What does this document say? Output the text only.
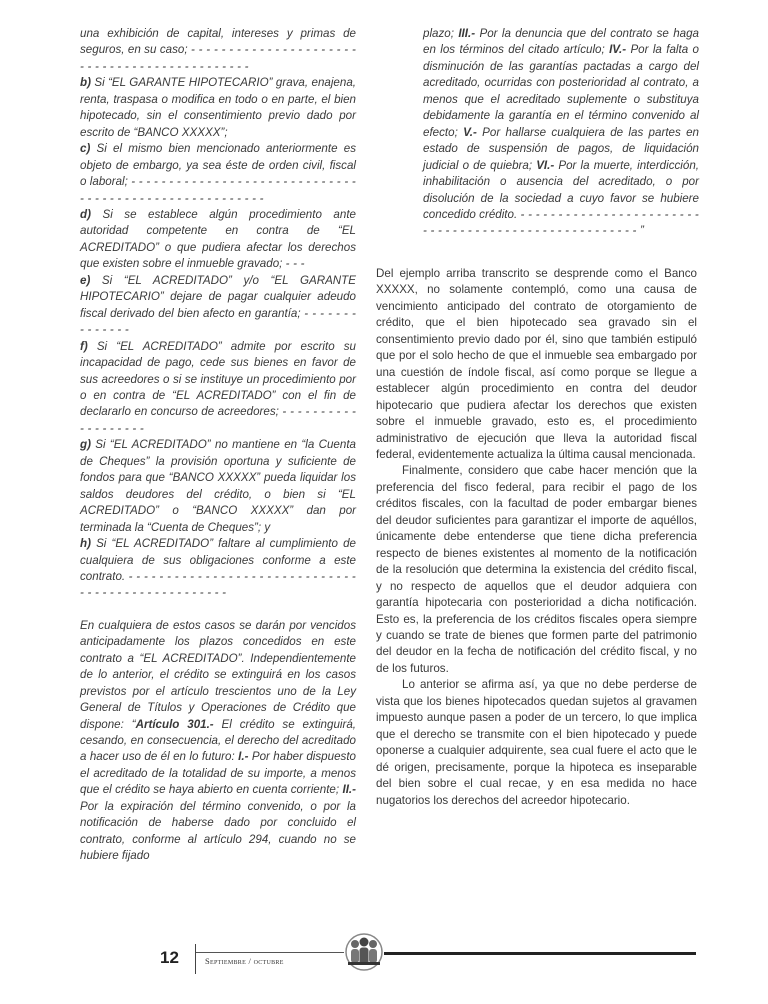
una exhibición de capital, intereses y primas de seguros, en su caso; - - - - - - - - - - - - - - - - - - - - - - - - - - - - - - - - - - - - - - - - - - - - -

b) Si “EL GARANTE HIPOTECARIO” grava, enajena, renta, traspasa o modifica en todo o en parte, el bien hipotecado, sin el consentimiento previo dado por escrito de “BANCO XXXXX”;

c) Si el mismo bien mencionado anteriormente es objeto de embargo, ya sea éste de orden civil, fiscal o laboral; - - - - - - - - - - - - - - - - - - - - - - - - - - - - - - - - - - - - - - - - - - - - - - - - - - - - - - -

d) Si se establece algún procedimiento ante autoridad competente en contra de “EL ACREDITADO” o que pudiera afectar los derechos que existen sobre el inmueble gravado; - - -

e) Si “EL ACREDITADO” y/o “EL GARANTE HIPOTECARIO” dejare de pagar cualquier adeudo fiscal derivado del bien afecto en garantía; - - - - - - - - - - - - - -

f) Si “EL ACREDITADO” admite por escrito su incapacidad de pago, cede sus bienes en favor de sus acreedores o si se instituye un procedimiento por o en contra de “EL ACREDITADO” con el fin de declararlo en concurso de acreedores; - - - - - - - - - - - - - - - - - - -

g) Si “EL ACREDITADO” no mantiene en “la Cuenta de Cheques” la provisión oportuna y suficiente de fondos para que “BANCO XXXXX” pueda liquidar los saldos deudores del crédito, o bien si “EL ACREDITADO” o “BANCO XXXXX” dan por terminada la “Cuenta de Cheques”; y

h) Si “EL ACREDITADO” faltare al cumplimiento de cualquiera de sus obligaciones conforme a este contrato. - - - - - - - - - - - - - - - - - - - - - - - - - - - - - - - - - - - - - - - - - - - - - - - - - -

En cualquiera de estos casos se darán por vencidos anticipadamente los plazos concedidos en este contrato a “EL ACREDITADO”. Independientemente de lo anterior, el crédito se extinguirá en los casos previstos por el artículo trescientos uno de la Ley General de Títulos y Operaciones de Crédito que dispone: “Artículo 301.- El crédito se extinguirá, cesando, en consecuencia, el derecho del acreditado a hacer uso de él en lo futuro: I.- Por haber dispuesto el acreditado de la totalidad de su importe, a menos que el crédito se haya abierto en cuenta corriente; II.- Por la expiración del término convenido, o por la notificación de haberse dado por concluido el contrato, conforme al artículo 294, cuando no se hubiere fijado

plazo; III.- Por la denuncia que del contrato se haga en los términos del citado artículo; IV.- Por la falta o disminución de las garantías pactadas a cargo del acreditado, ocurridas con posterioridad al contrato, a menos que el acreditado suplemente o substituya debidamente la garantía en el término convenido al efecto; V.- Por hallarse cualquiera de las partes en estado de suspensión de pagos, de liquidación judicial o de quiebra; VI.- Por la muerte, interdicción, inhabilitación o ausencia del acreditado, o por disolución de la sociedad a cuyo favor se hubiere concedido crédito. - - - - - - - - - - - - - - - - - - - - - - - - - - - - - - - - - - - - - - - - - - - - - - - - - - - - - ”

Del ejemplo arriba transcrito se desprende como el Banco XXXXX, no solamente contempló, como una causa de vencimiento anticipado del contrato de otorgamiento de crédito, que el bien hipotecado sea gravado sin el consentimiento previo dado por él, sino que también estipuló que por el solo hecho de que el inmueble sea embargado por una cuestión de índole fiscal, así como porque se llegue a establecer algún procedimiento en contra del deudor hipotecario que pudiera afectar los derechos que existen sobre el inmueble gravado, esto es, el procedimiento administrativo de ejecución que lleva la autoridad fiscal federal, evidentemente actualiza la última causal mencionada.

Finalmente, considero que cabe hacer mención que la preferencia del fisco federal, para recibir el pago de los créditos fiscales, con la facultad de poder embargar bienes del deudor suficientes para garantizar el importe de aquéllos, únicamente debe entenderse que tiene dicha preferencia respecto de bienes existentes al momento de la notificación de la resolución que determina la existencia del crédito fiscal, y no respecto de aquellos que el deudor adquiera con garantía hipotecaria con posterioridad a dicha notificación. Esto es, la preferencia de los créditos fiscales opera siempre y cuando se trate de bienes que formen parte del patrimonio del deudor en la fecha de notificación del crédito fiscal, y no de los futuros.

Lo anterior se afirma así, ya que no debe perderse de vista que los bienes hipotecados quedan sujetos al gravamen impuesto aunque pasen a poder de un tercero, lo que implica que el derecho se transmite con el bien hipotecado y puede oponerse a cualquier adquirente, sea cual fuere el acto que le dé origen, precisamente, porque la hipoteca es inseparable del bien sobre el cual recae, y en esa medida no hace nugatorios los derechos del acreedor hipotecario.

12	Septiembre / octubre
